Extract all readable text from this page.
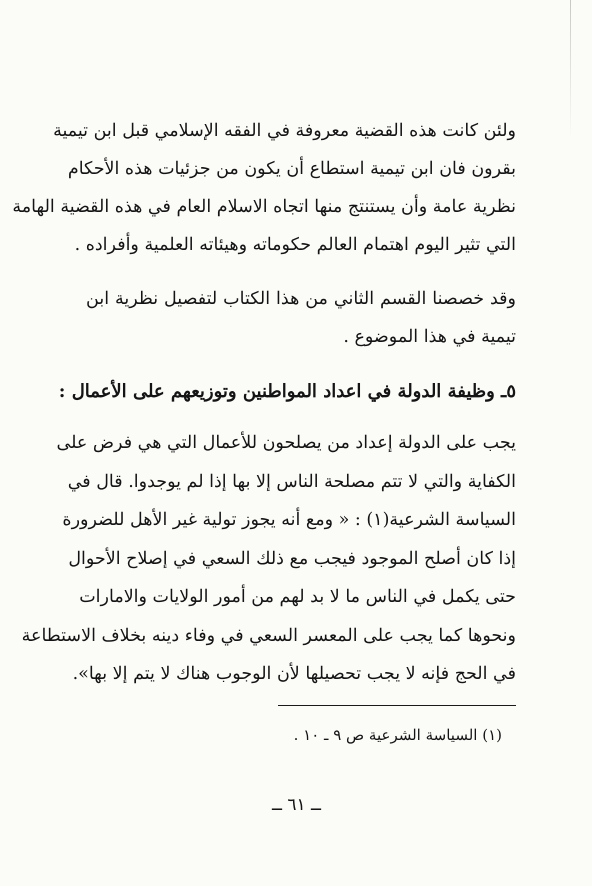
ولئن كانت هذه القضية معروفة في الفقه الإسلامي قبل ابن تيمية
بقرون فان ابن تيمية استطاع أن يكون من جزئيات هذه الأحكام
نظرية عامة وأن يستنتج منها اتجاه الاسلام العام في هذه القضية الهامة
التي تثير اليوم اهتمام العالم حكوماته وهيئاته العلمية وأفراده .
وقد خصصنا القسم الثاني من هذا الكتاب لتفصيل نظرية ابن
تيمية في هذا الموضوع .
٥ـ وظيفة الدولة في اعداد المواطنين وتوزيعهم على الأعمال :
يجب على الدولة إعداد من يصلحون للأعمال التي هي فرض على
الكفاية والتي لا تتم مصلحة الناس إلا بها إذا لم يوجدوا. قال في
السياسة الشرعية(١) : « ومع أنه يجوز تولية غير الأهل للضرورة
إذا كان أصلح الموجود فيجب مع ذلك السعي في إصلاح الأحوال
حتى يكمل في الناس ما لا بد لهم من أمور الولايات والامارات
ونحوها كما يجب على المعسر السعي في وفاء دينه بخلاف الاستطاعة
في الحج فإنه لا يجب تحصيلها لأن الوجوب هناك لا يتم إلا بها».
(١) السياسة الشرعية ص ٩ ـ ١٠ .
ــ ٦١ ــ
